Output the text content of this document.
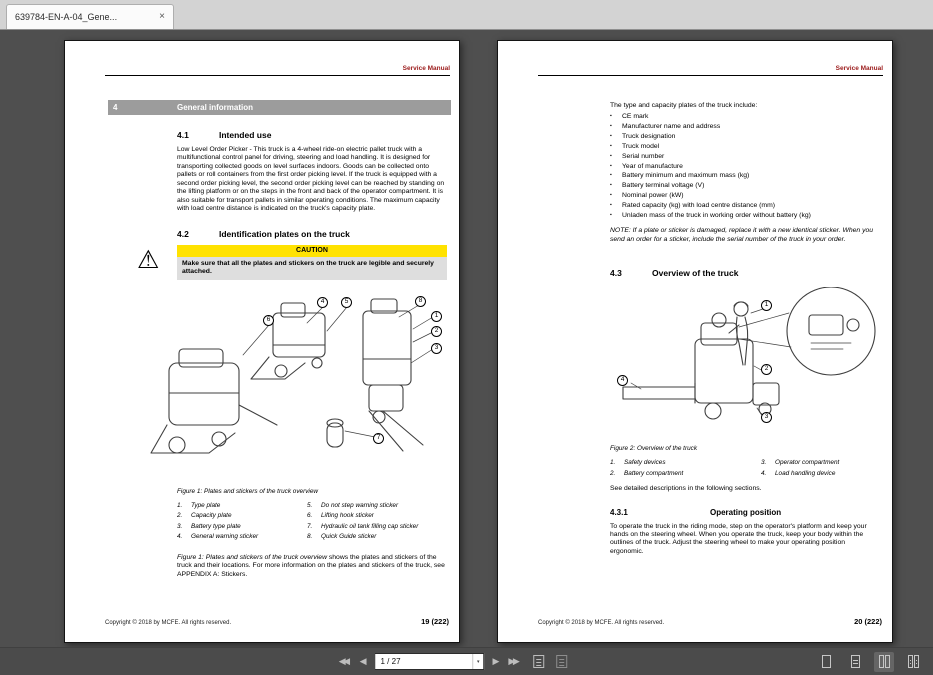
639784-EN-A-04_Gene...	×
Service Manual
4	General information
4.1	Intended use

Low Level Order Picker - This truck is a 4-wheel ride-on electric pallet truck with a multifunctional control panel for driving, steering and load handling. It is designed for transporting collected goods on level surfaces indoors. Goods can be collected onto pallets or roll containers from the first order picking level. If the truck is equipped with a second order picking level, the second order picking level can be reached by standing on the lifting platform or on the steps in the front and back of the operator compartment. It is also suitable for transport pallets in similar operating conditions. The maximum capacity with load centre distance is indicated on the truck's capacity plate.

4.2	Identification plates on the truck
⚠	CAUTION
Make sure that all the plates and stickers on the truck are legible and securely attached.
6
4	5	8
1
2
3
7
Figure 1: Plates and stickers of the truck overview
1.	Type plate
2.	Capacity plate
3.	Battery type plate
4.	General warning sticker
5.	Do not step warning sticker
6.	Lifting hook sticker
7.	Hydraulic oil tank filling cap sticker
8.	Quick Guide sticker

Figure 1: Plates and stickers of the truck overview shows the plates and stickers of the truck and their locations. For more information on the plates and stickers of the truck, see APPENDIX A: Stickers.

Copyright © 2018 by MCFE. All rights reserved.	19 (222)
Service Manual
The type and capacity plates of the truck include:
▪	CE mark
▪	Manufacturer name and address
▪	Truck designation
▪	Truck model
▪	Serial number
▪	Year of manufacture
▪	Battery minimum and maximum mass (kg)
▪	Battery terminal voltage (V)
▪	Nominal power (kW)
▪	Rated capacity (kg) with load centre distance (mm)
▪	Unladen mass of the truck in working order without battery (kg)

NOTE: If a plate or sticker is damaged, replace it with a new identical sticker. When you send an order for a sticker, include the serial number of the truck in your order.

4.3	Overview of the truck
1
2
3
4
Figure 2: Overview of the truck
1.	Safety devices
2.	Battery compartment
3.	Operator compartment
4.	Load handling device

See detailed descriptions in the following sections.

4.3.1	Operating position

To operate the truck in the riding mode, step on the operator's platform and keep your hands on the steering wheel. When you operate the truck, keep your body within the outlines of the truck. Adjust the steering wheel to make your operating position ergonomic.

Copyright © 2018 by MCFE. All rights reserved.	20 (222)
◀◀	◀	1 / 27	▾	▶ ▶▶
